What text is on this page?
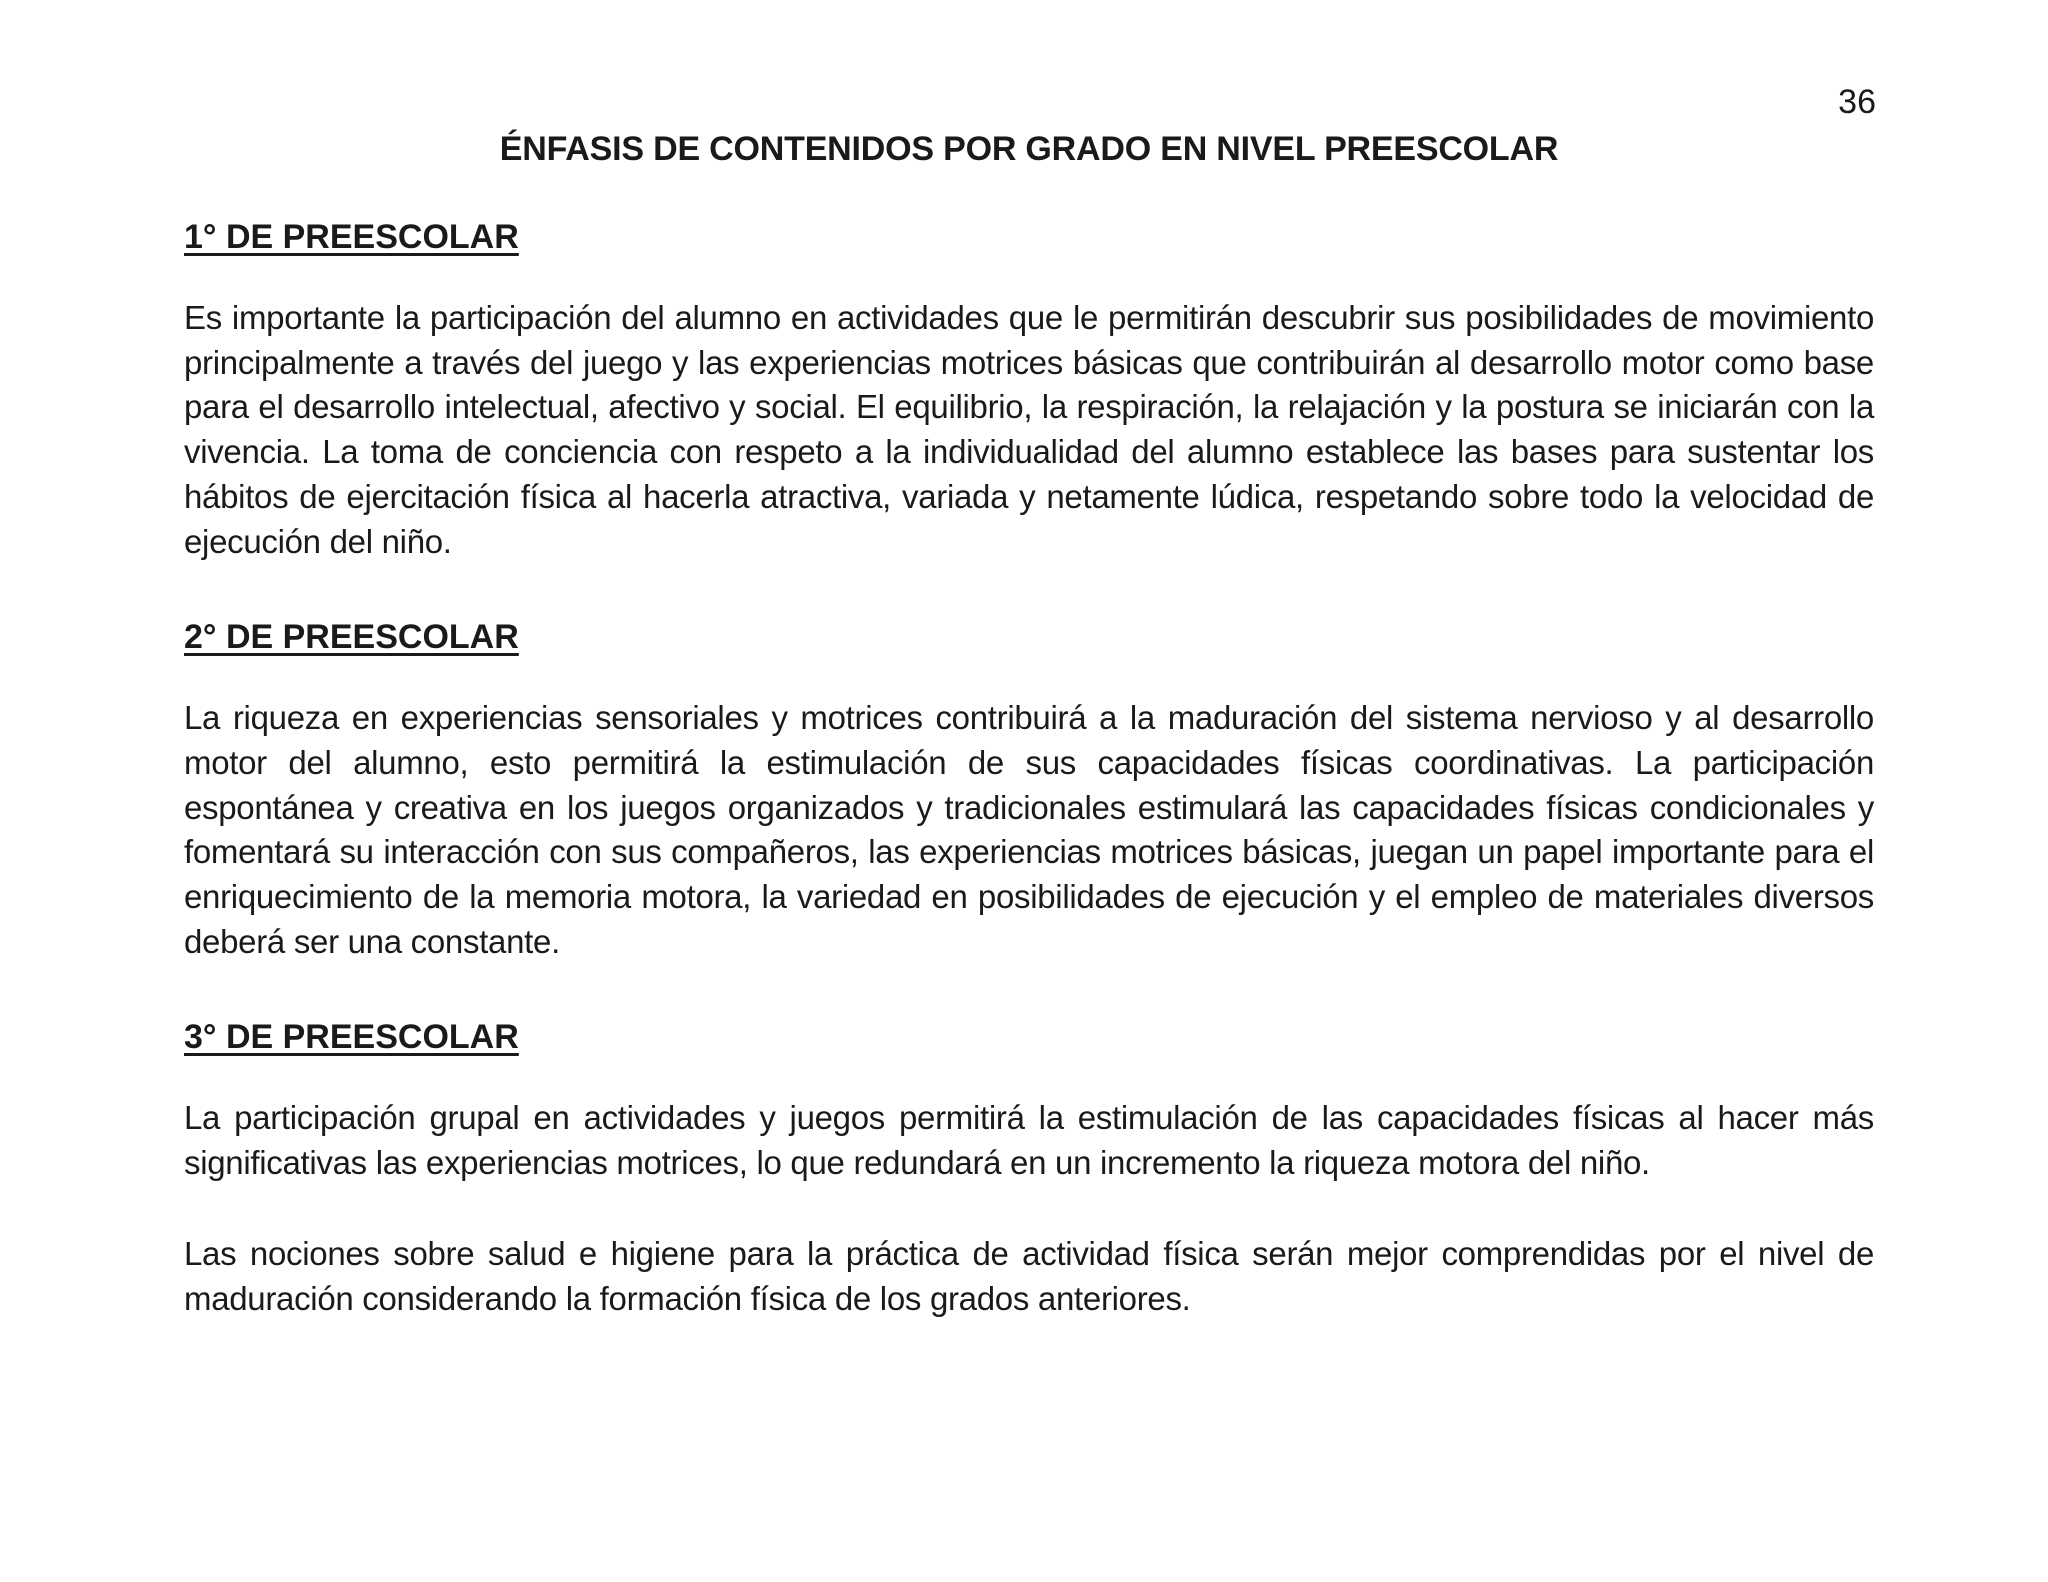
36
ÉNFASIS DE CONTENIDOS POR GRADO EN NIVEL PREESCOLAR
1° DE PREESCOLAR

Es importante la participación del alumno en actividades que le permitirán descubrir sus posibilidades de movimiento principalmente a través del juego y las experiencias motrices básicas que contribuirán al desarrollo motor como base para el desarrollo intelectual, afectivo y social. El equilibrio, la respiración, la relajación y la postura se iniciarán con la vivencia. La toma de conciencia con respeto a la individualidad del alumno establece las bases para sustentar los hábitos de ejercitación física al hacerla atractiva, variada y netamente lúdica, respetando sobre todo la velocidad de ejecución del niño.

2° DE PREESCOLAR

La riqueza en experiencias sensoriales y motrices contribuirá a la maduración del sistema nervioso y al desarrollo motor del alumno, esto permitirá la estimulación de sus capacidades físicas coordinativas. La participación espontánea y creativa en los juegos organizados y tradicionales estimulará las capacidades físicas condicionales y fomentará su interacción con sus compañeros, las experiencias motrices básicas, juegan un papel importante para el enriquecimiento de la memoria motora, la variedad en posibilidades de ejecución y el empleo de materiales diversos deberá ser una constante.

3° DE PREESCOLAR

La participación grupal en actividades y juegos permitirá la estimulación de las capacidades físicas al hacer más significativas las experiencias motrices, lo que redundará en un incremento la riqueza motora del niño.

Las nociones sobre salud e higiene para la práctica de actividad física serán mejor comprendidas por el nivel de maduración considerando la formación física de los grados anteriores.
